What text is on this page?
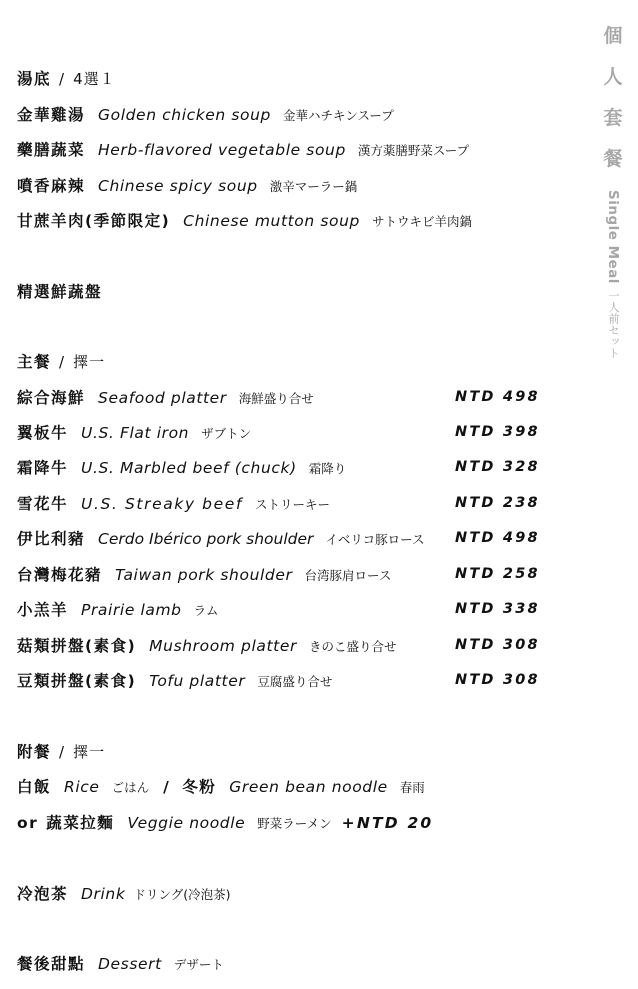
湯底 / 4選１
金華雞湯 Golden chicken soup 金華ハチキンスープ
藥膳蔬菜 Herb-flavored vegetable soup 漢方薬膳野菜スープ
噴香麻辣 Chinese spicy soup 激辛マーラー鍋
甘蔗羊肉(季節限定) Chinese mutton soup サトウキビ羊肉鍋
精選鮮蔬盤
主餐 / 擇一
綜合海鮮 Seafood platter 海鮮盛り合せ	NTD 498
翼板牛 U.S. Flat iron ザブトン	NTD 398
霜降牛 U.S. Marbled beef (chuck) 霜降り	NTD 328
雪花牛 U.S. Streaky beef ストリーキー	NTD 238
伊比利豬 Cerdo Ibérico pork shoulder イベリコ豚ロース NTD 498
台灣梅花豬 Taiwan pork shoulder 台湾豚肩ロース	NTD 258
小羔羊 Prairie lamb ラム	NTD 338
菇類拼盤(素食) Mushroom platter きのこ盛り合せ	NTD 308
豆類拼盤(素食) Tofu platter 豆腐盛り合せ	NTD 308
附餐 / 擇一
白飯 Rice ごはん / 冬粉 Green bean noodle 春雨
or 蔬菜拉麵 Veggie noodle 野菜ラーメン +NTD 20
冷泡茶 Drink ドリング(冷泡茶)
餐後甜點 Dessert デザート
個
人
套
餐
Single Meal
一人前セット
